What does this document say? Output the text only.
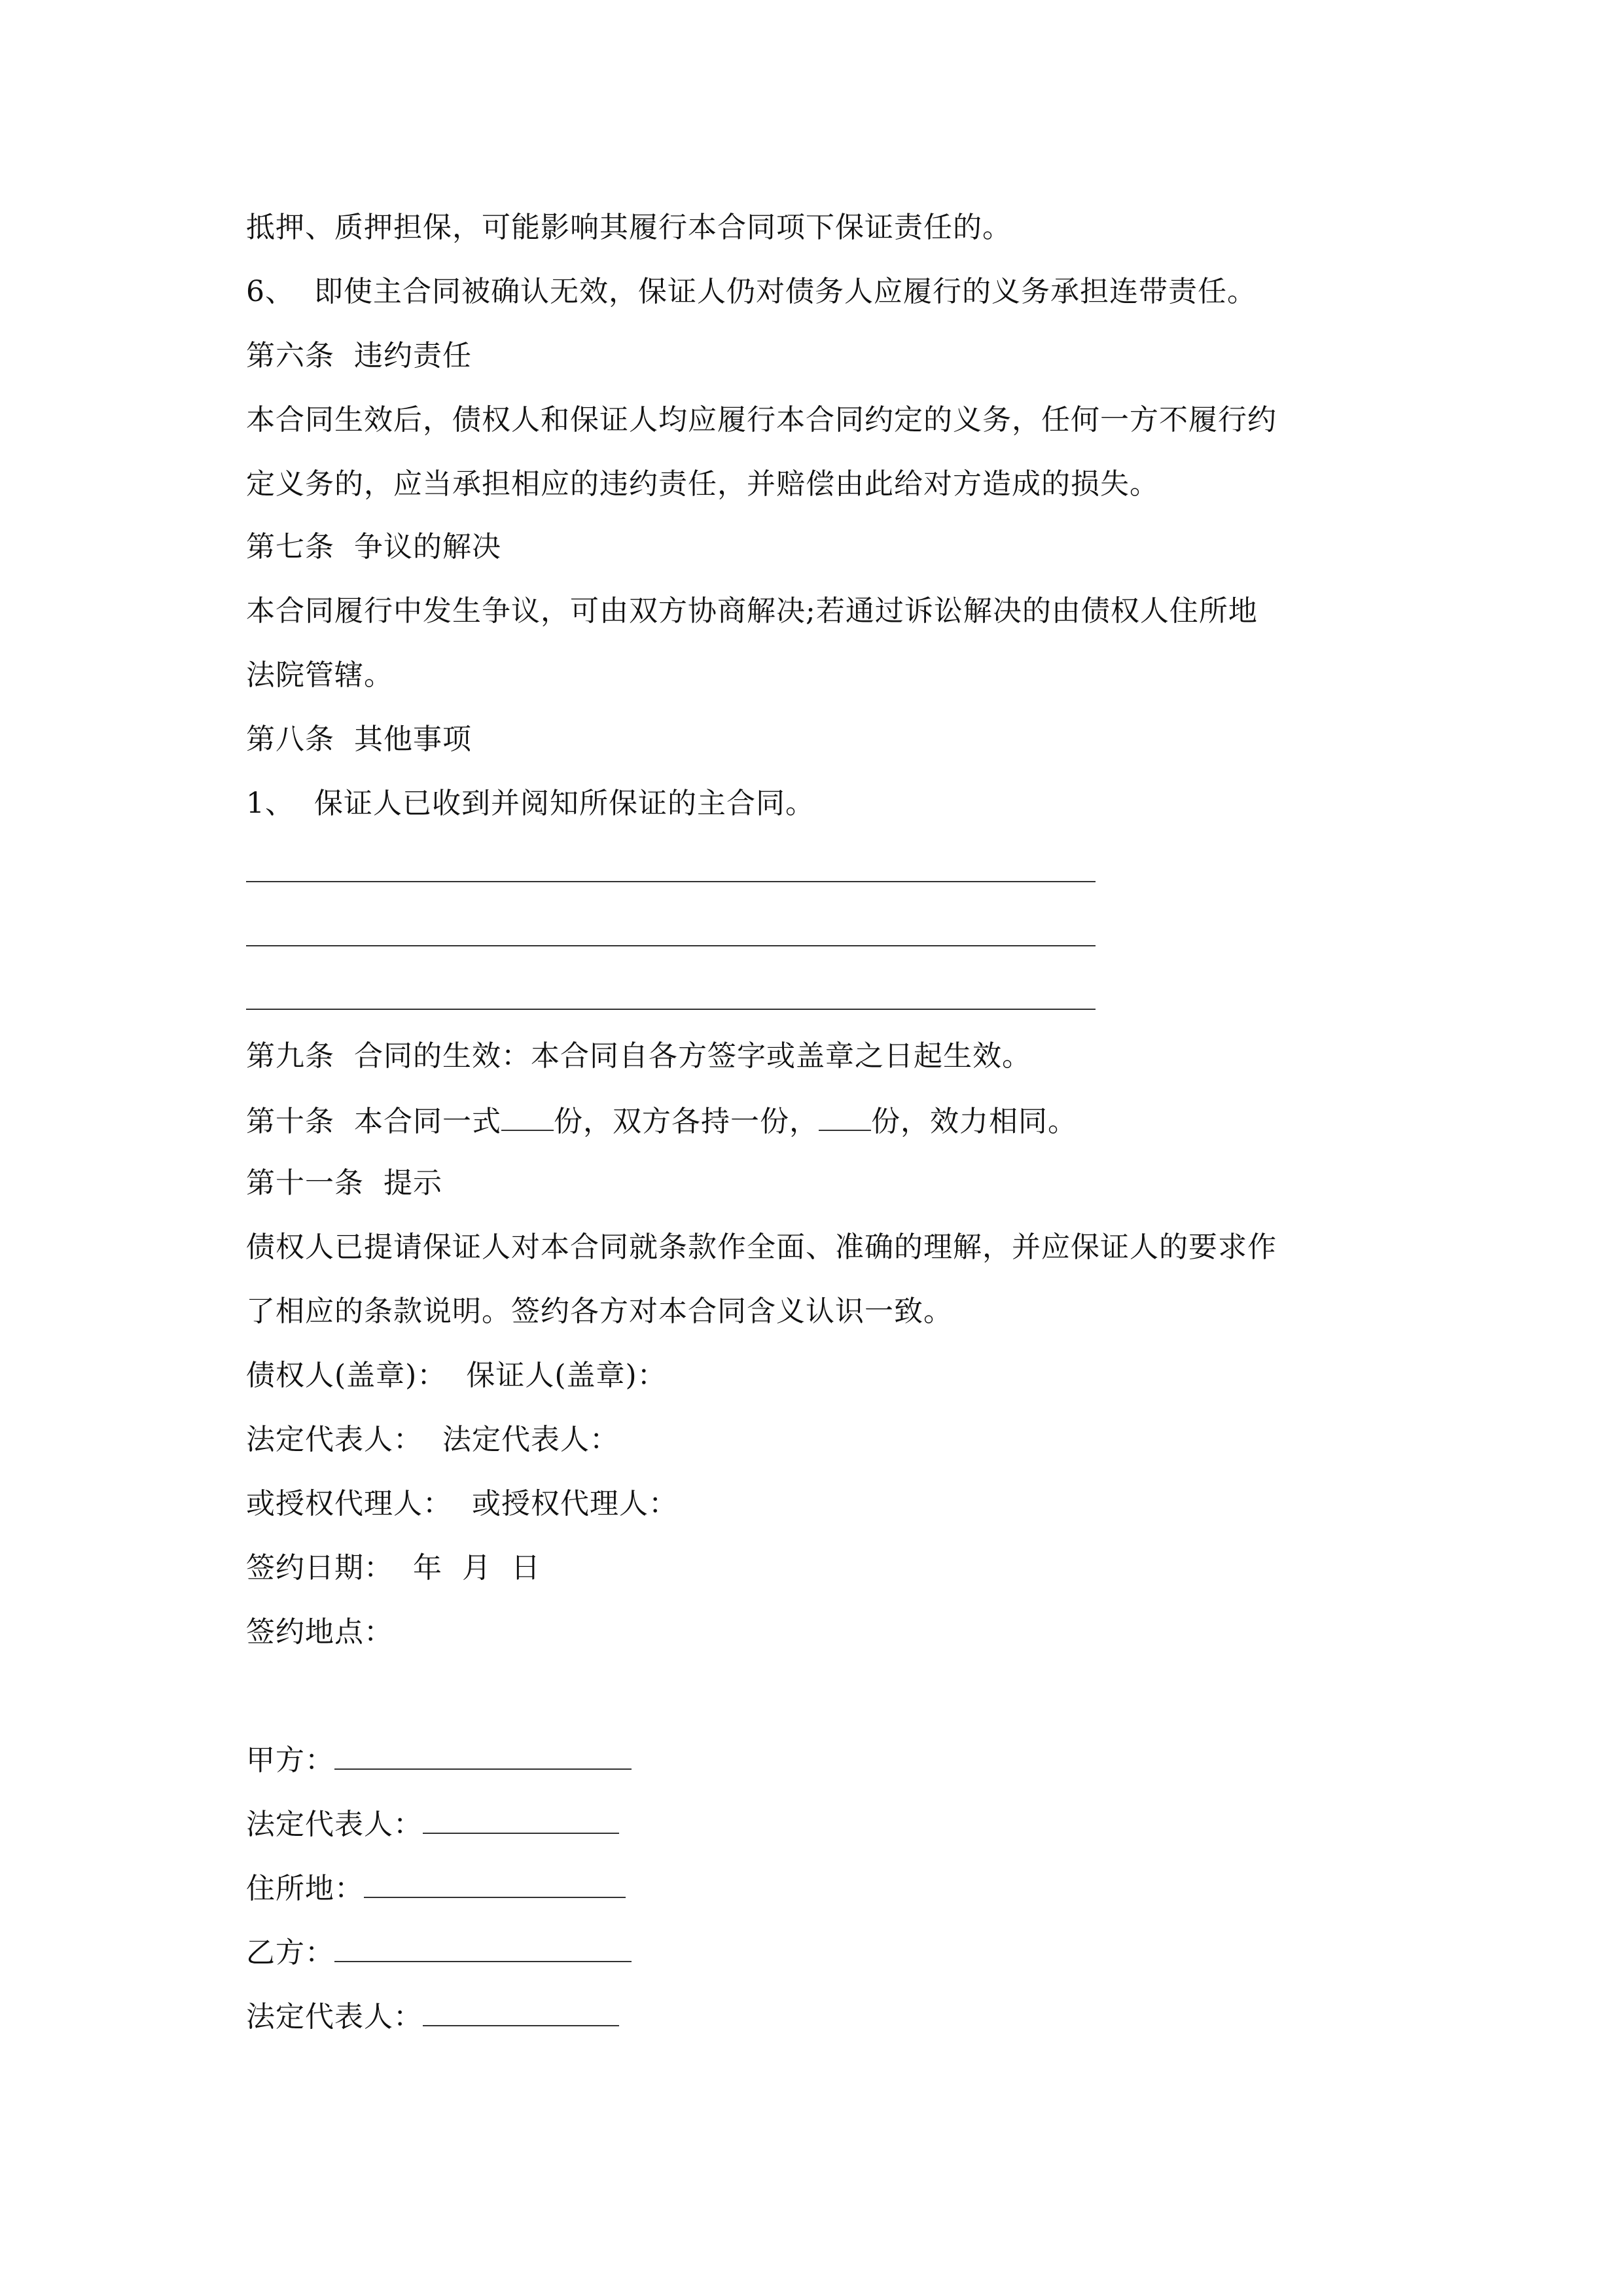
抵押、质押担保，可能影响其履行本合同项下保证责任的。
6、 即使主合同被确认无效，保证人仍对债务人应履行的义务承担连带责任。
第六条 违约责任
本合同生效后，债权人和保证人均应履行本合同约定的义务，任何一方不履行约
定义务的，应当承担相应的违约责任，并赔偿由此给对方造成的损失。
第七条 争议的解决
本合同履行中发生争议，可由双方协商解决;若通过诉讼解决的由债权人住所地
法院管辖。
第八条 其他事项
1、 保证人已收到并阅知所保证的主合同。
第九条 合同的生效：本合同自各方签字或盖章之日起生效。
第十条 本合同一式 份，双方各持一份， 份，效力相同。
第十一条 提示
债权人已提请保证人对本合同就条款作全面、准确的理解，并应保证人的要求作
了相应的条款说明。签约各方对本合同含义认识一致。
债权人(盖章)： 保证人(盖章)：
法定代表人： 法定代表人：
或授权代理人： 或授权代理人：
签约日期： 年 月 日
签约地点：
甲方：
法定代表人：
住所地：
乙方：
法定代表人：
